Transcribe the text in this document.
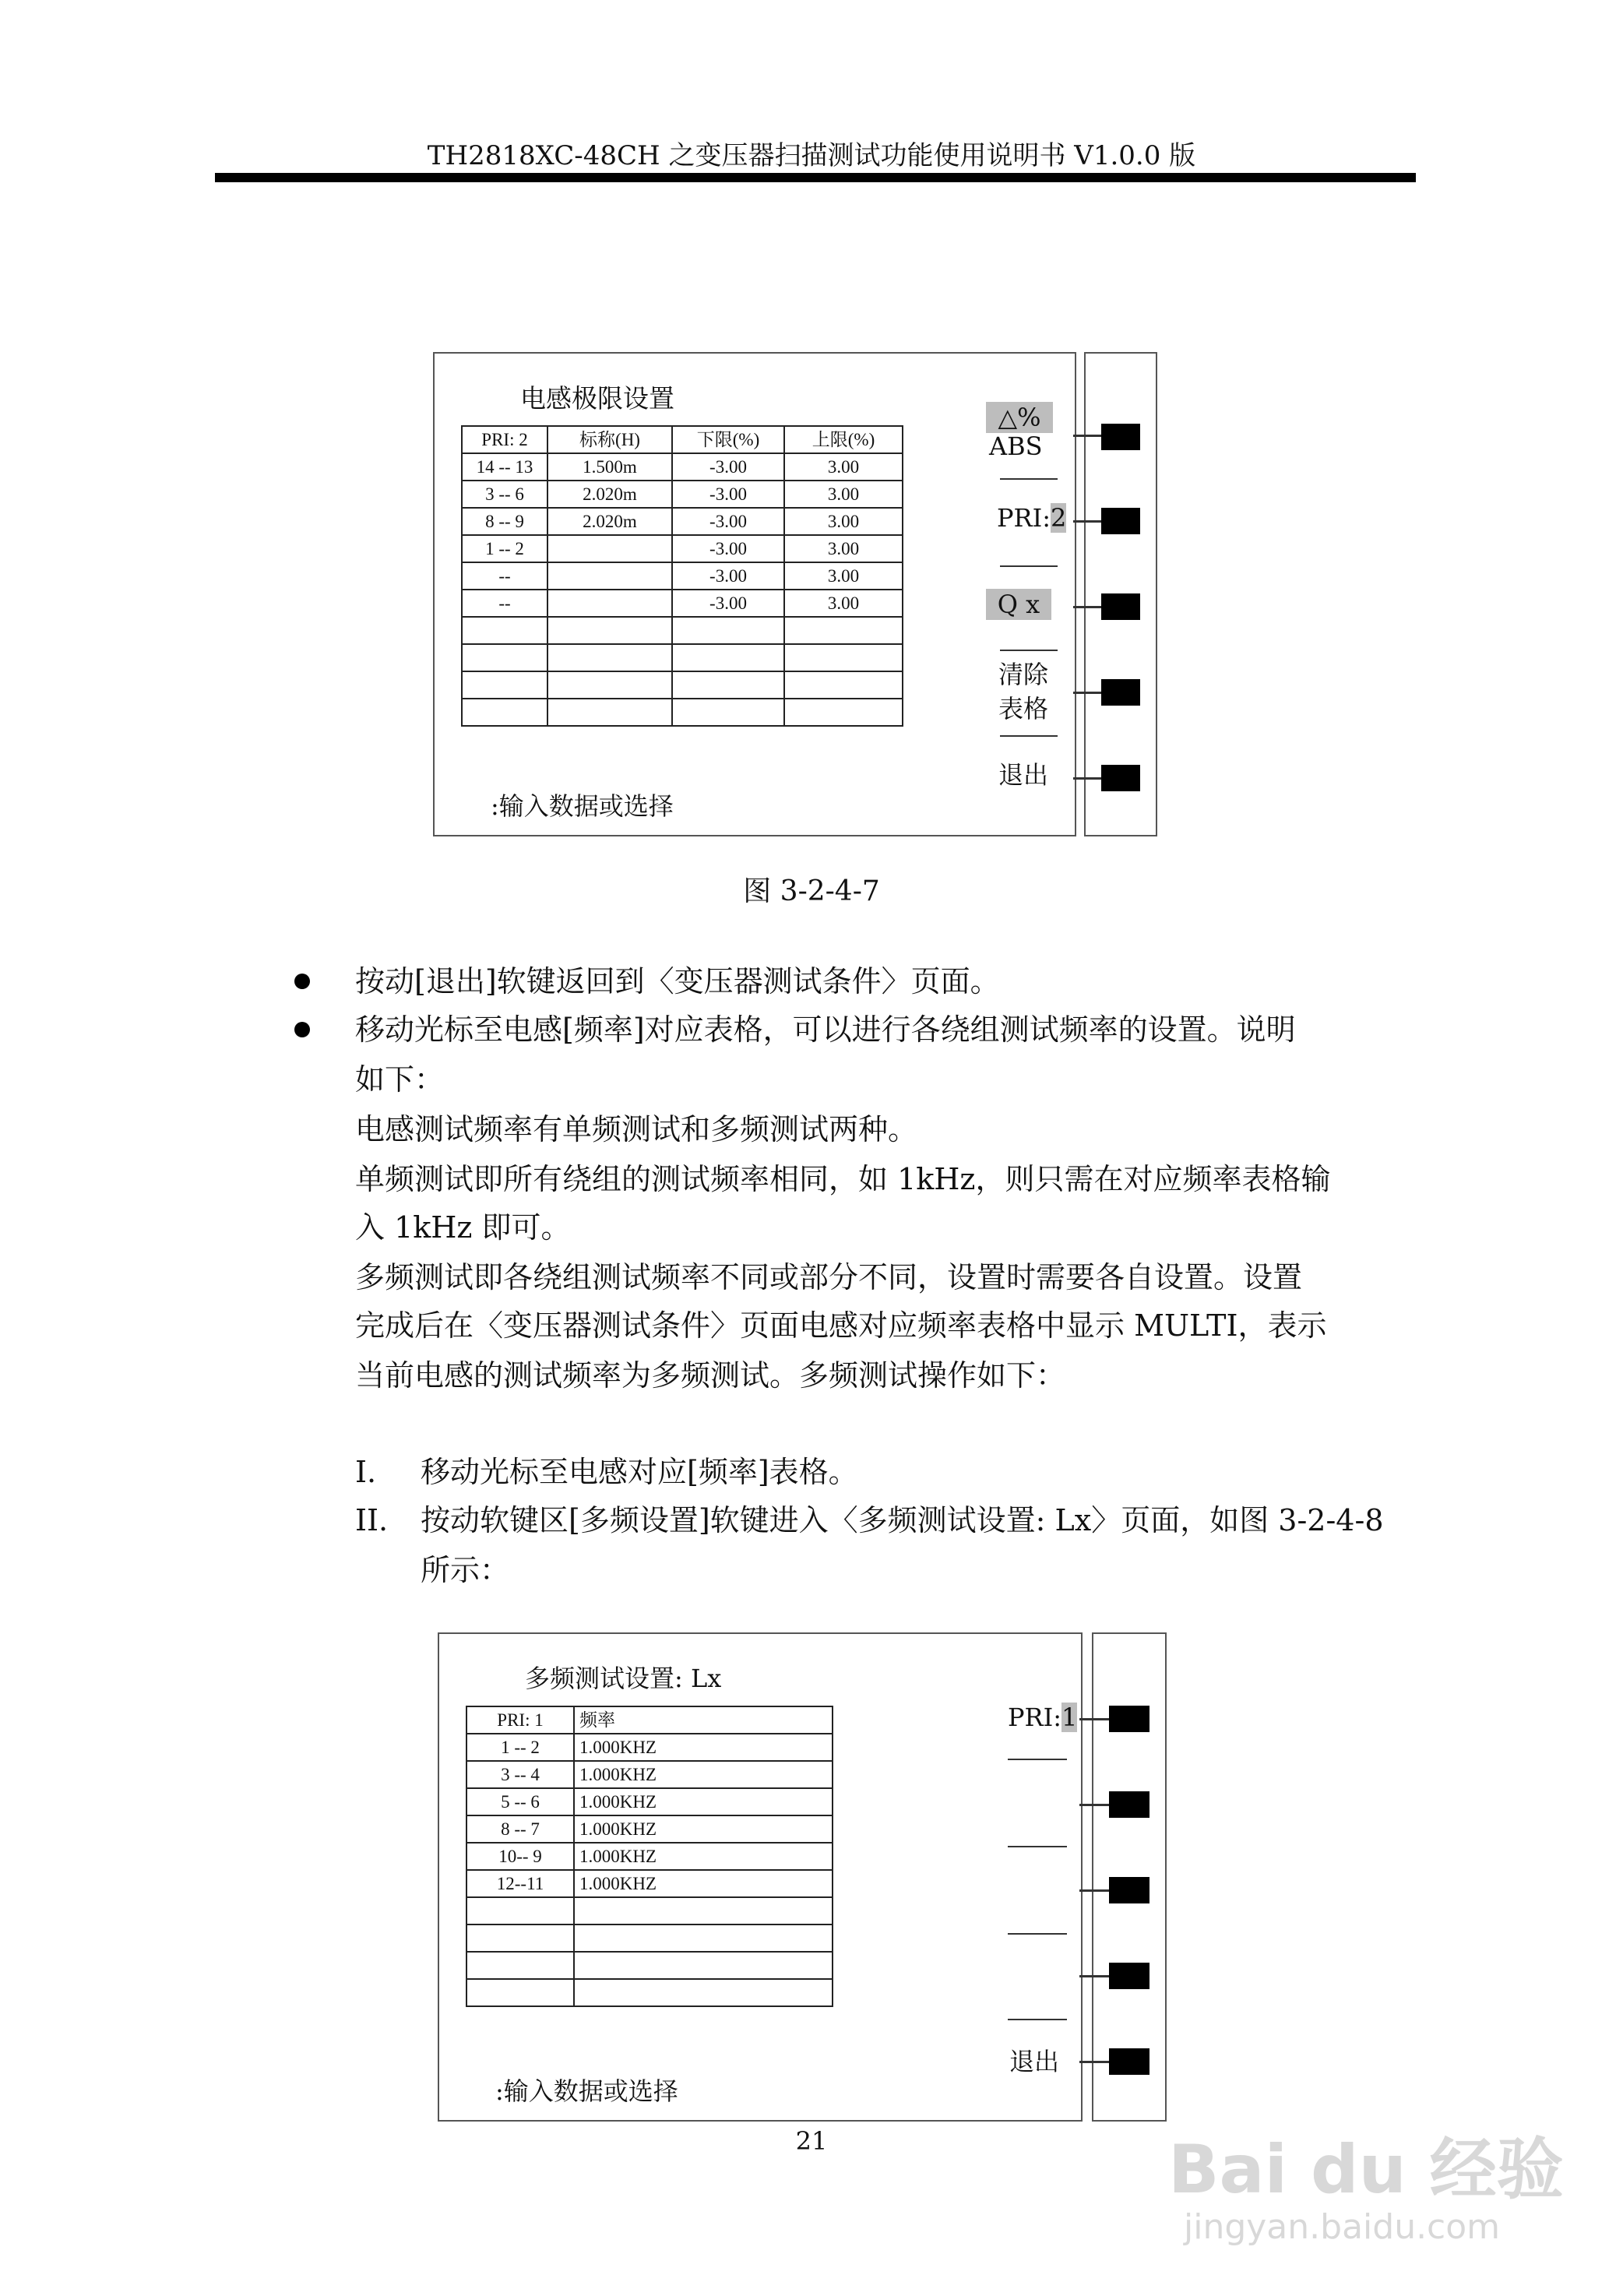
TH2818XC-48CH 之变压器扫描测试功能使用说明书 V1.0.0 版
电感极限设置
PRI: 2	标称(H)	下限(%)	上限(%)
14 -- 13	1.500m	-3.00	3.00
3 -- 6	2.020m	-3.00	3.00
8 -- 9	2.020m	-3.00	3.00
1 -- 2		-3.00	3.00
--		-3.00	3.00
--		-3.00	3.00

△%
ABS
PRI:2
Q x
清除
表格
退出
:输入数据或选择
图 3-2-4-7
按动[退出]软键返回到〈变压器测试条件〉页面。
移动光标至电感[频率]对应表格，可以进行各绕组测试频率的设置。说明
如下：
电感测试频率有单频测试和多频测试两种。
单频测试即所有绕组的测试频率相同，如 1kHz，则只需在对应频率表格输
入 1kHz 即可。
多频测试即各绕组测试频率不同或部分不同，设置时需要各自设置。设置
完成后在〈变压器测试条件〉页面电感对应频率表格中显示 MULTI，表示
当前电感的测试频率为多频测试。多频测试操作如下：
I. 移动光标至电感对应[频率]表格。
II. 按动软键区[多频设置]软键进入〈多频测试设置: Lx〉页面，如图 3-2-4-8
所示：
多频测试设置: Lx
PRI: 1	频率
1 -- 2	1.000KHZ
3 -- 4	1.000KHZ
5 -- 6	1.000KHZ
8 -- 7	1.000KHZ
10-- 9	1.000KHZ
12--11	1.000KHZ

PRI:1
退出
:输入数据或选择
21	Bai du 经验
jingyan.baidu.com
